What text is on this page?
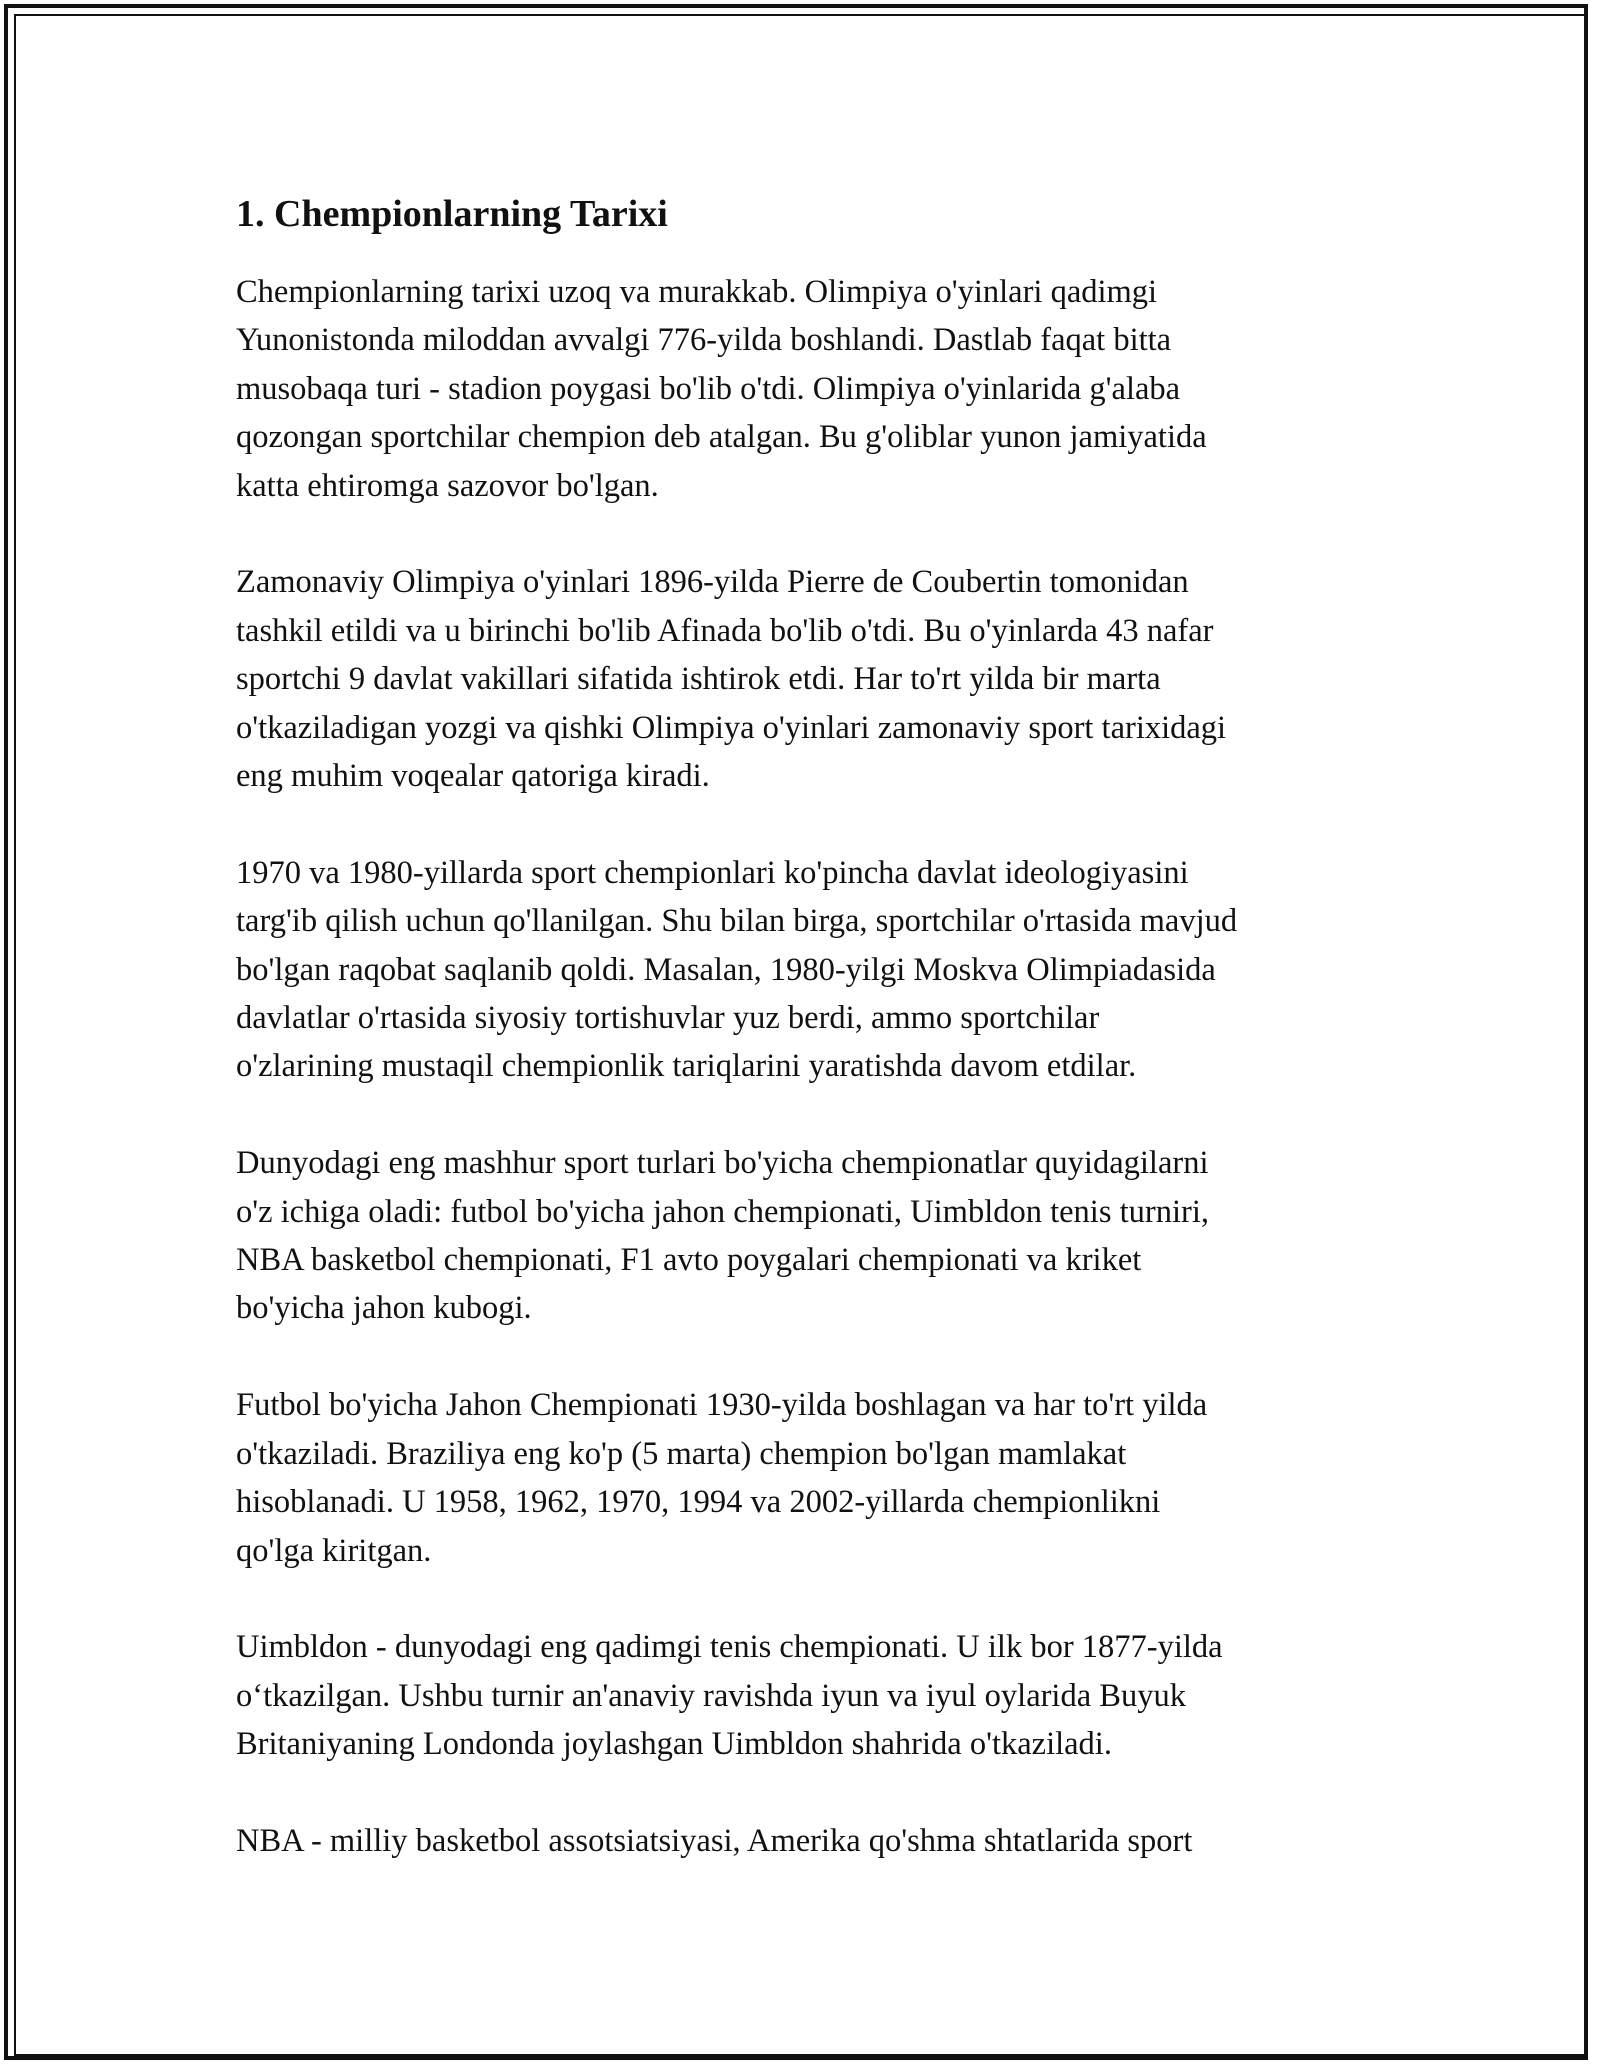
1. Chempionlarning Tarixi
Chempionlarning tarixi uzoq va murakkab. Olimpiya o'yinlari qadimgi
Yunonistonda miloddan avvalgi 776-yilda boshlandi. Dastlab faqat bitta
musobaqa turi - stadion poygasi bo'lib o'tdi. Olimpiya o'yinlarida g'alaba
qozongan sportchilar chempion deb atalgan. Bu g'oliblar yunon jamiyatida
katta ehtiromga sazovor bo'lgan.
Zamonaviy Olimpiya o'yinlari 1896-yilda Pierre de Coubertin tomonidan
tashkil etildi va u birinchi bo'lib Afinada bo'lib o'tdi. Bu o'yinlarda 43 nafar
sportchi 9 davlat vakillari sifatida ishtirok etdi. Har to'rt yilda bir marta
o'tkaziladigan yozgi va qishki Olimpiya o'yinlari zamonaviy sport tarixidagi
eng muhim voqealar qatoriga kiradi.
1970 va 1980-yillarda sport chempionlari ko'pincha davlat ideologiyasini
targ'ib qilish uchun qo'llanilgan. Shu bilan birga, sportchilar o'rtasida mavjud
bo'lgan raqobat saqlanib qoldi. Masalan, 1980-yilgi Moskva Olimpiadasida
davlatlar o'rtasida siyosiy tortishuvlar yuz berdi, ammo sportchilar
o'zlarining mustaqil chempionlik tariqlarini yaratishda davom etdilar.
Dunyodagi eng mashhur sport turlari bo'yicha chempionatlar quyidagilarni
o'z ichiga oladi: futbol bo'yicha jahon chempionati, Uimbldon tenis turniri,
NBA basketbol chempionati, F1 avto poygalari chempionati va kriket
bo'yicha jahon kubogi.
Futbol bo'yicha Jahon Chempionati 1930-yilda boshlagan va har to'rt yilda
o'tkaziladi. Braziliya eng ko'p (5 marta) chempion bo'lgan mamlakat
hisoblanadi. U 1958, 1962, 1970, 1994 va 2002-yillarda chempionlikni
qo'lga kiritgan.
Uimbldon - dunyodagi eng qadimgi tenis chempionati. U ilk bor 1877-yilda
o‘tkazilgan. Ushbu turnir an'anaviy ravishda iyun va iyul oylarida Buyuk
Britaniyaning Londonda joylashgan Uimbldon shahrida o'tkaziladi.
NBA - milliy basketbol assotsiatsiyasi, Amerika qo'shma shtatlarida sport
